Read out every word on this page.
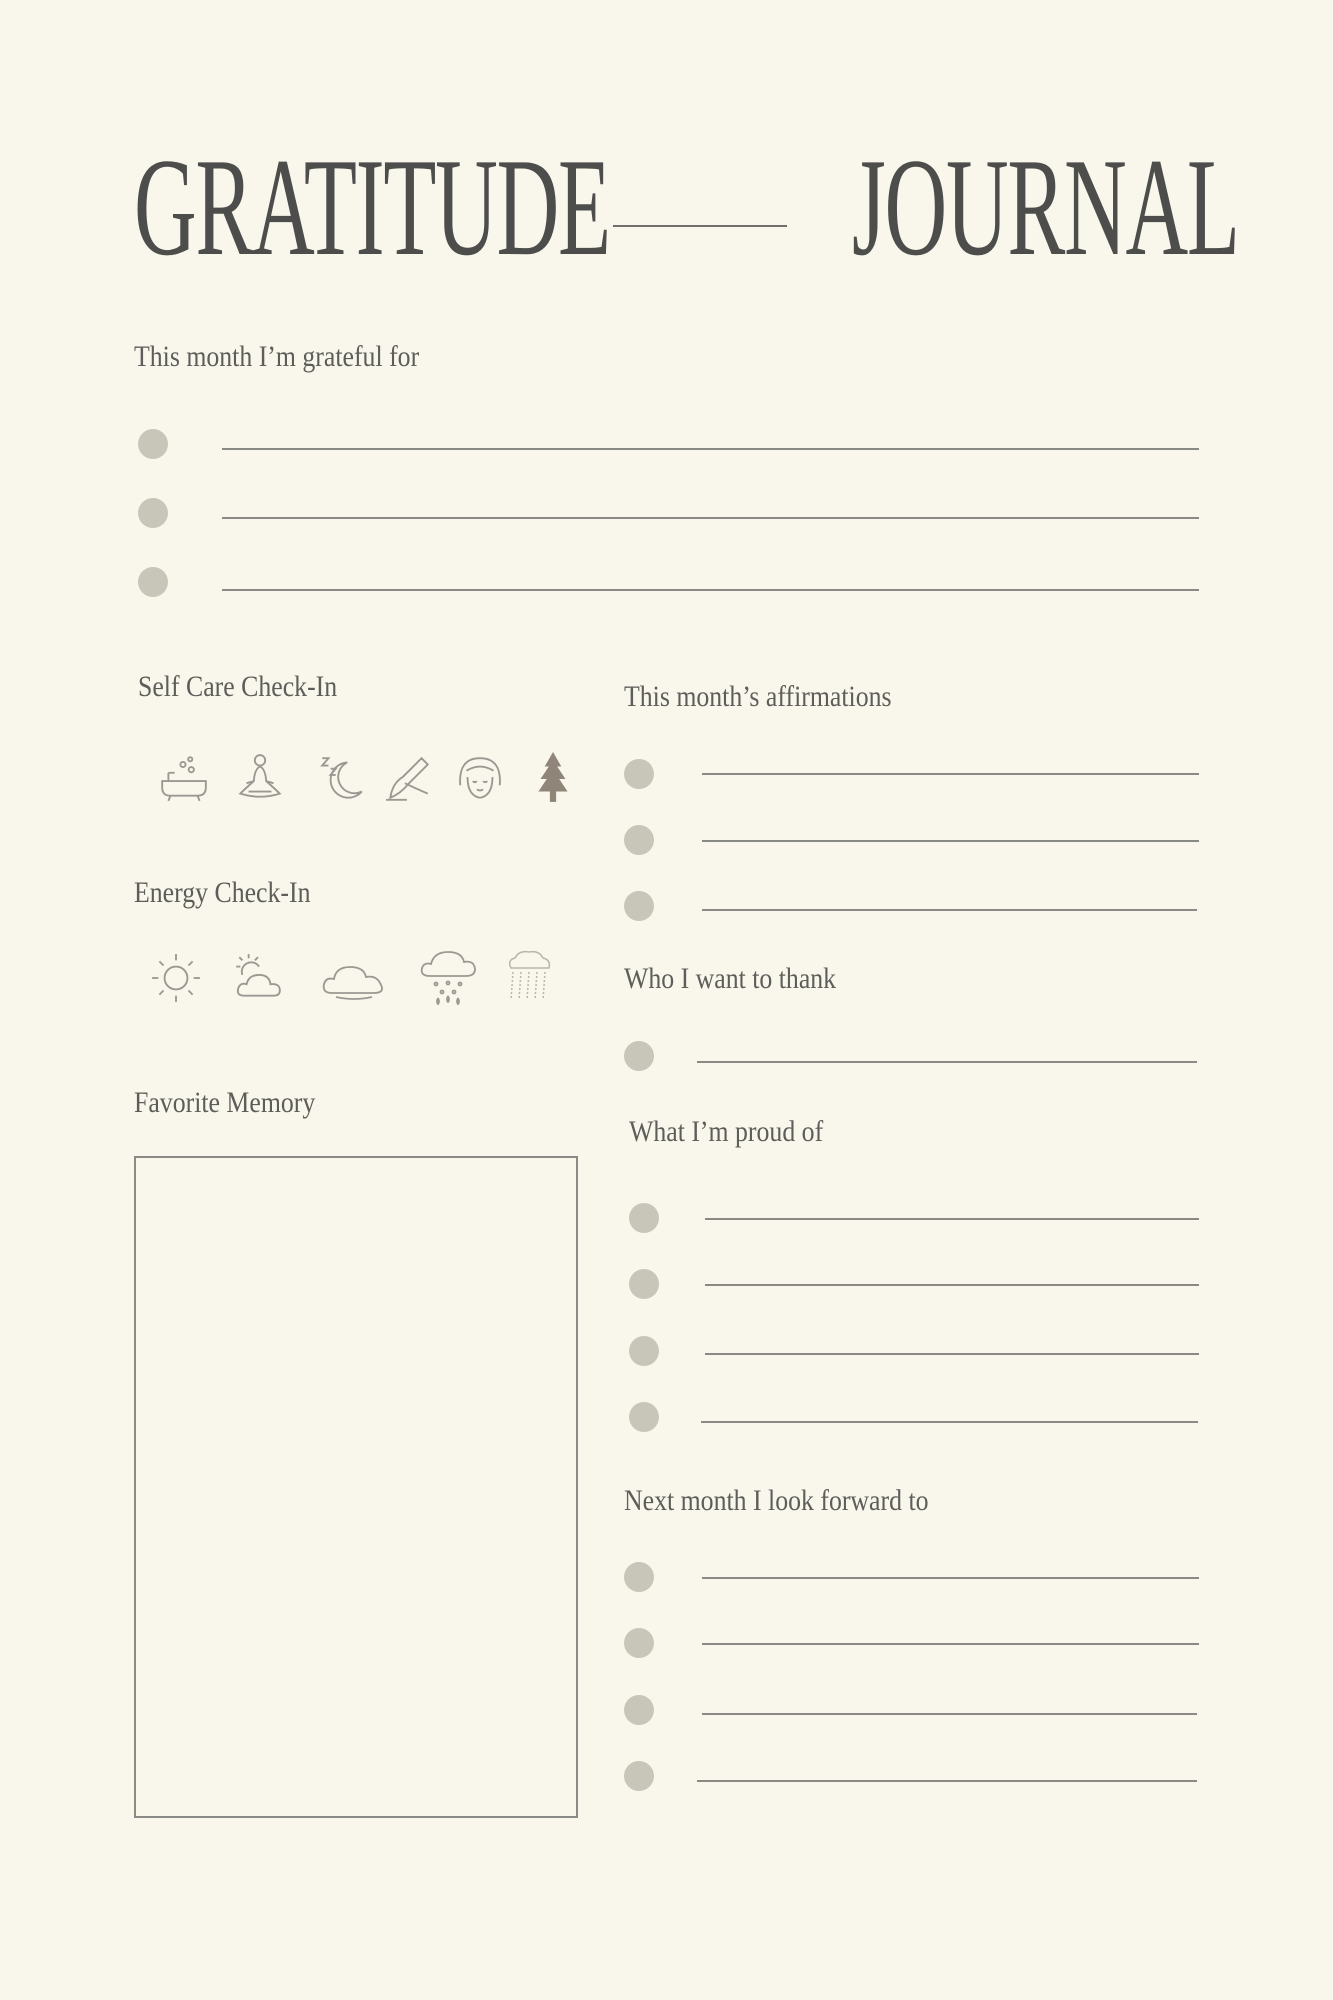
GRATITUDE JOURNAL
This month I’m grateful for
Self Care Check-In
Energy Check-In
Favorite Memory
This month’s affirmations
Who I want to thank
What I’m proud of
Next month I look forward to
